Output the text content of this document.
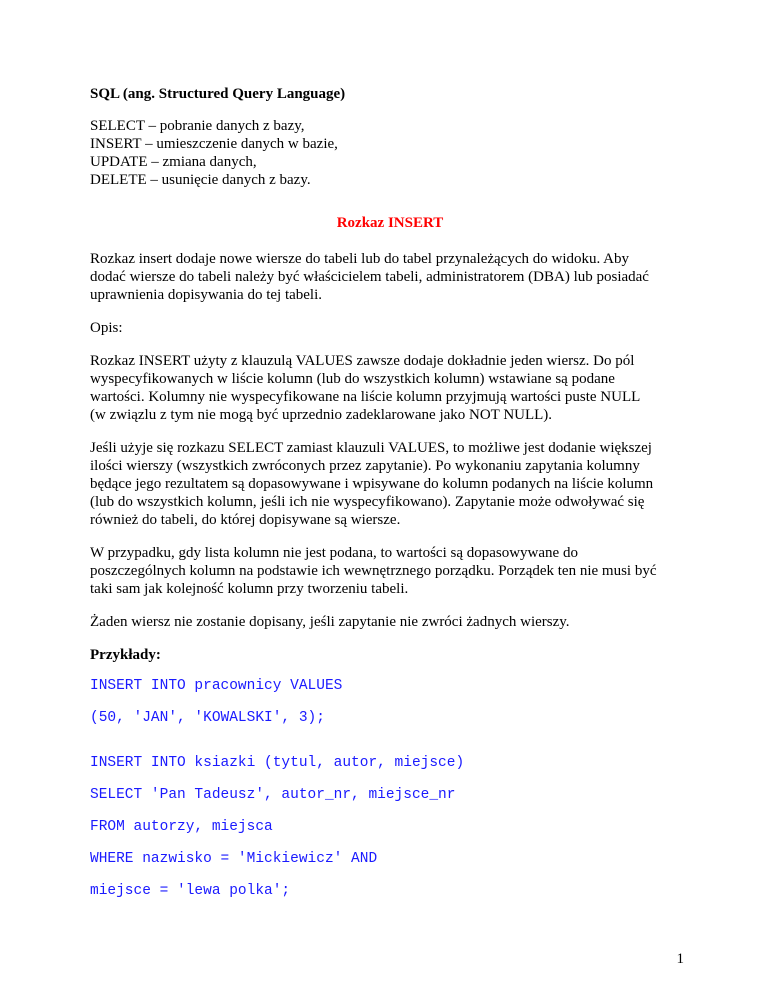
SQL (ang. Structured Query Language)
SELECT – pobranie danych z bazy,
INSERT – umieszczenie danych w bazie,
UPDATE – zmiana danych,
DELETE – usunięcie danych z bazy.
Rozkaz INSERT
Rozkaz insert dodaje nowe wiersze do tabeli lub do tabel przynależących do widoku. Aby
dodać wiersze do tabeli należy być właścicielem tabeli, administratorem (DBA) lub posiadać
uprawnienia dopisywania do tej tabeli.
Opis:
Rozkaz INSERT użyty z klauzulą VALUES zawsze dodaje dokładnie jeden wiersz. Do pól
wyspecyfikowanych w liście kolumn (lub do wszystkich kolumn) wstawiane są podane
wartości. Kolumny nie wyspecyfikowane na liście kolumn przyjmują wartości puste NULL
(w związlu z tym nie mogą być uprzednio zadeklarowane jako NOT NULL).
Jeśli użyje się rozkazu SELECT zamiast klauzuli VALUES, to możliwe jest dodanie większej
ilości wierszy (wszystkich zwróconych przez zapytanie). Po wykonaniu zapytania kolumny
będące jego rezultatem są dopasowywane i wpisywane do kolumn podanych na liście kolumn
(lub do wszystkich kolumn, jeśli ich nie wyspecyfikowano). Zapytanie może odwoływać się
również do tabeli, do której dopisywane są wiersze.
W przypadku, gdy lista kolumn nie jest podana, to wartości są dopasowywane do
poszczególnych kolumn na podstawie ich wewnętrznego porządku. Porządek ten nie musi być
taki sam jak kolejność kolumn przy tworzeniu tabeli.
Żaden wiersz nie zostanie dopisany, jeśli zapytanie nie zwróci żadnych wierszy.
Przykłady:
INSERT INTO pracownicy VALUES
(50, 'JAN', 'KOWALSKI', 3);
INSERT INTO ksiazki (tytul, autor, miejsce)
SELECT 'Pan Tadeusz', autor_nr, miejsce_nr
FROM autorzy, miejsca
WHERE nazwisko = 'Mickiewicz' AND
miejsce = 'lewa polka';
1
